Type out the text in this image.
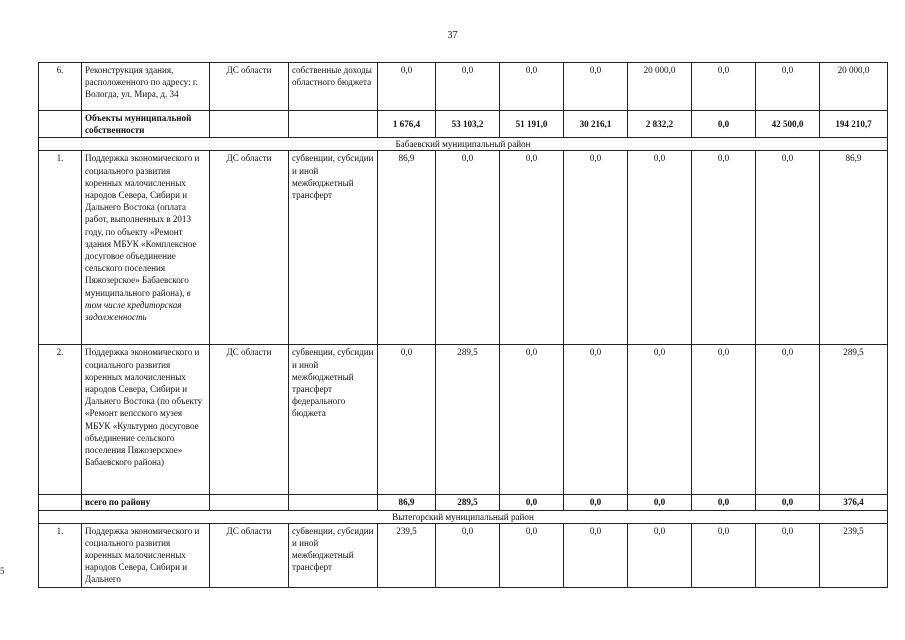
37
5
6.	Реконструкция здания, расположенного по адресу: г. Вологда, ул. Мира, д. 34	ДС области	собственные доходы областного бюджета	0,0	0,0	0,0	0,0	20 000,0	0,0	0,0	20 000,0
	Объекты муниципальной собственности			1 676,4	53 103,2	51 191,0	30 216,1	2 832,2	0,0	42 500,0	194 210,7
Бабаевский муниципальный район											
1.	Поддержка экономического и социального развития коренных малочисленных народов Севера, Сибири и Дальнего Востока (оплата работ, выполненных в 2013 году, по объекту «Ремонт здания МБУК «Комплексное досуговое объединение сельского поселения Пяжозерское» Бабаевского муниципального района), в том числе кредиторская задолженность	ДС области	субвенции, субсидии и иной межбюджетный трансферт	86,9	0,0	0,0	0,0	0,0	0,0	0,0	86,9
2.	Поддержка экономического и социального развития коренных малочисленных народов Севера, Сибири и Дальнего Востока (по объекту «Ремонт вепсского музея МБУК «Культурно досуговое объединение сельского поселения Пяжозерское» Бабаевского района)	ДС области	субвенции, субсидии и иной межбюджетный трансферт федерального бюджета	0,0	289,5	0,0	0,0	0,0	0,0	0,0	289,5
	всего по району			86,9	289,5	0,0	0,0	0,0	0,0	0,0	376,4
Вытегорский муниципальный район											
1.	Поддержка экономического и социального развития коренных малочисленных народов Севера, Сибири и Дальнего	ДС области	субвенции, субсидии и иной межбюджетный трансферт	239,5	0,0	0,0	0,0	0,0	0,0	0,0	239,5
